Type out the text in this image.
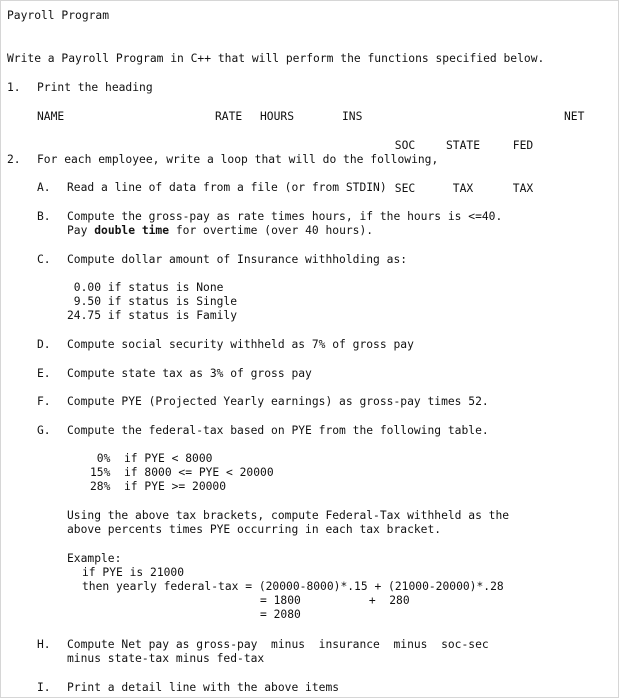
Payroll Program
Write a Payroll Program in C++ that will perform the functions specified below.
1. Print the heading
NAME	RATE HOURS	INS

SOC

SEC

STATE

TAX

FED

TAX

NET
2. For each employee, write a loop that will do the following,
A. Read a line of data from a file (or from STDIN)
B. Compute the gross-pay as rate times hours, if the hours is <=40.
Pay double time for overtime (over 40 hours).
C. Compute dollar amount of Insurance withholding as:
0.00 if status is None
9.50 if status is Single
24.75 if status is Family
D. Compute social security withheld as 7% of gross pay
E. Compute state tax as 3% of gross pay
F. Compute PYE (Projected Yearly earnings) as gross-pay times 52.
G. Compute the federal-tax based on PYE from the following table.
0%  if PYE < 8000
15%  if 8000 <= PYE < 20000
28%  if PYE >= 20000
Using the above tax brackets, compute Federal-Tax withheld as the
above percents times PYE occurring in each tax bracket.
Example:
if PYE is 21000
then yearly federal-tax = (20000-8000)*.15 + (21000-20000)*.28
= 1800          +  280
= 2080
H. Compute Net pay as gross-pay  minus  insurance  minus  soc-sec
minus state-tax minus fed-tax
I. Print a detail line with the above items
